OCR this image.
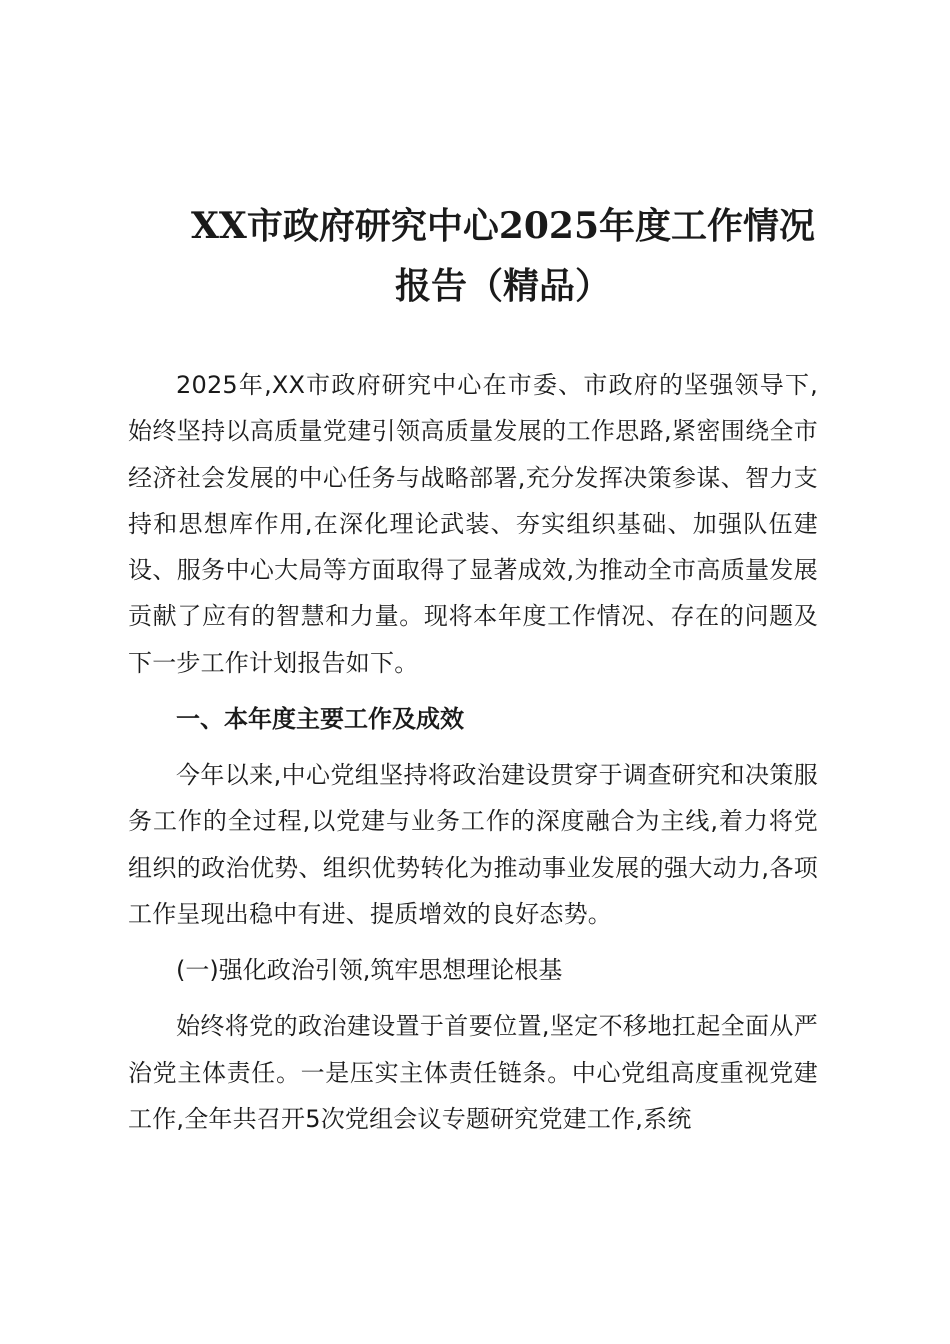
XX市政府研究中心2025年度工作情况
报告（精品）

2025年,XX市政府研究中心在市委、市政府的坚强领导下,始终坚持以高质量党建引领高质量发展的工作思路,紧密围绕全市经济社会发展的中心任务与战略部署,充分发挥决策参谋、智力支持和思想库作用,在深化理论武装、夯实组织基础、加强队伍建设、服务中心大局等方面取得了显著成效,为推动全市高质量发展贡献了应有的智慧和力量。现将本年度工作情况、存在的问题及下一步工作计划报告如下。

一、本年度主要工作及成效

今年以来,中心党组坚持将政治建设贯穿于调查研究和决策服务工作的全过程,以党建与业务工作的深度融合为主线,着力将党组织的政治优势、组织优势转化为推动事业发展的强大动力,各项工作呈现出稳中有进、提质增效的良好态势。

(一)强化政治引领,筑牢思想理论根基

始终将党的政治建设置于首要位置,坚定不移地扛起全面从严治党主体责任。一是压实主体责任链条。中心党组高度重视党建工作,全年共召开5次党组会议专题研究党建工作,系统
